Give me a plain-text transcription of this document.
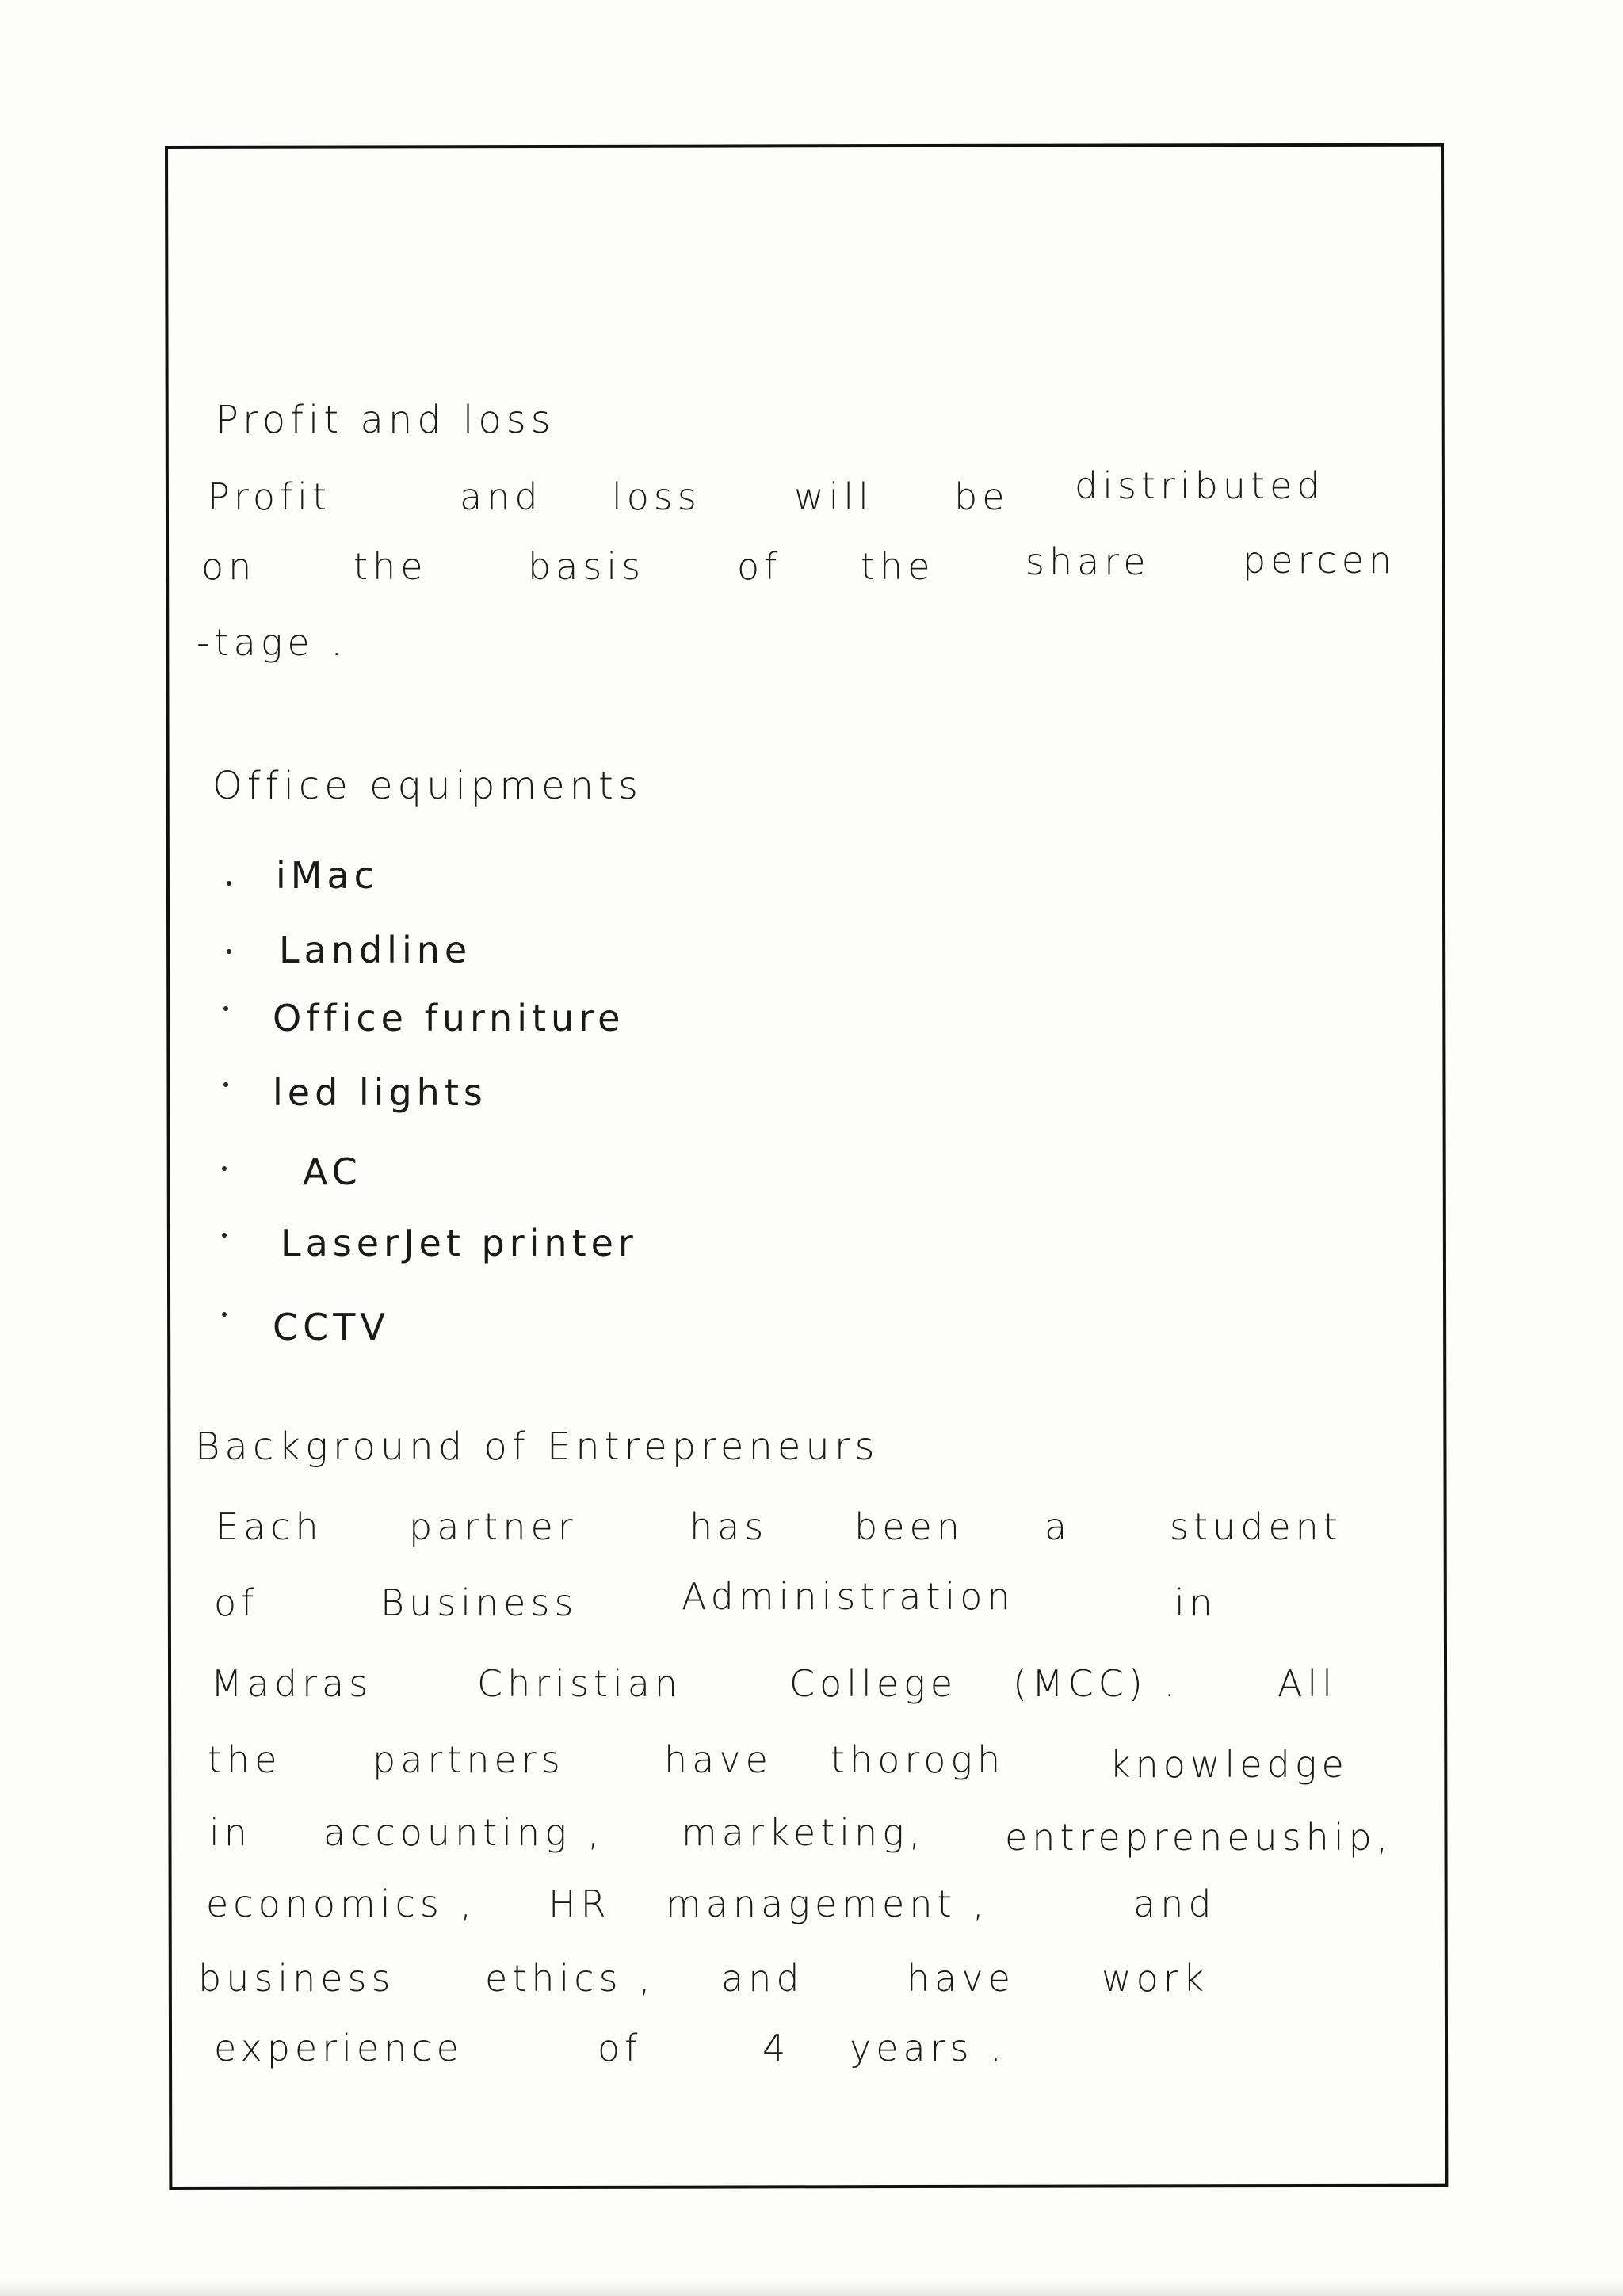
Profit and loss
Profit	and loss	will be distributed
on	the	basis	of the share	percen
-tage .
Office equipments
iMac
Landline
Office furniture
led lights
AC
LaserJet printer
CCTV
Background of Entrepreneurs
Each partner	has been a	student
of	Business	Administration	in
Madras	Christian	College (MCC) .	All
the partners	have thorogh	knowledge
in accounting , marketing, entrepreneuship,
economics , HR management ,	and
business ethics , and	have work
experience	of	4 years .
